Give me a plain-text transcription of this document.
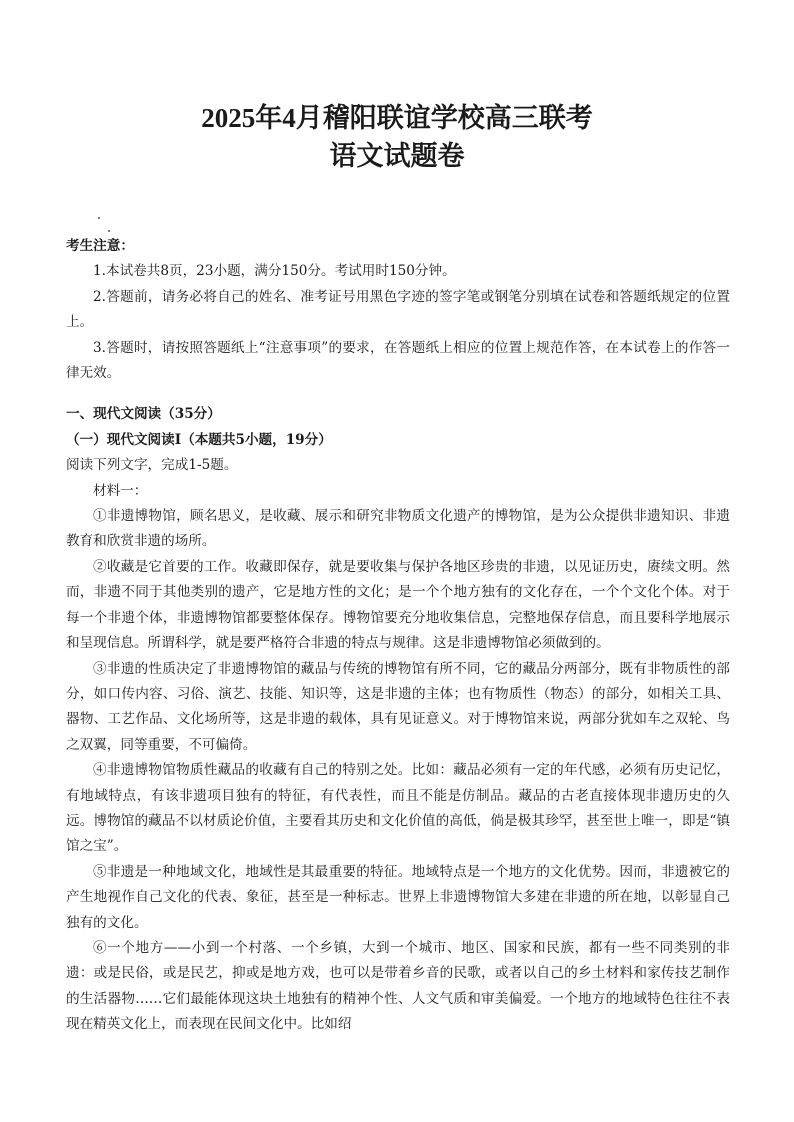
2025年4月稽阳联谊学校高三联考
语文试题卷

考生注意：

1.本试卷共8页，23小题，满分150分。考试用时150分钟。

2.答题前，请务必将自己的姓名、准考证号用黑色字迹的签字笔或钢笔分别填在试卷和答题纸规定的位置上。

3.答题时，请按照答题纸上“注意事项”的要求，在答题纸上相应的位置上规范作答，在本试卷上的作答一律无效。

一、现代文阅读（35分）

（一）现代文阅读Ⅰ（本题共5小题，19分）

阅读下列文字，完成1-5题。

材料一：

①非遗博物馆，顾名思义，是收藏、展示和研究非物质文化遗产的博物馆，是为公众提供非遗知识、非遗教育和欣赏非遗的场所。

②收藏是它首要的工作。收藏即保存，就是要收集与保护各地区珍贵的非遗，以见证历史，赓续文明。然而，非遗不同于其他类别的遗产，它是地方性的文化；是一个个地方独有的文化存在，一个个文化个体。对于每一个非遗个体，非遗博物馆都要整体保存。博物馆要充分地收集信息，完整地保存信息，而且要科学地展示和呈现信息。所谓科学，就是要严格符合非遗的特点与规律。这是非遗博物馆必须做到的。

③非遗的性质决定了非遗博物馆的藏品与传统的博物馆有所不同，它的藏品分两部分，既有非物质性的部分，如口传内容、习俗、演艺、技能、知识等，这是非遗的主体；也有物质性（物态）的部分，如相关工具、器物、工艺作品、文化场所等，这是非遗的载体，具有见证意义。对于博物馆来说，两部分犹如车之双轮、鸟之双翼，同等重要，不可偏倚。

④非遗博物馆物质性藏品的收藏有自己的特别之处。比如：藏品必须有一定的年代感，必须有历史记忆，有地域特点，有该非遗项目独有的特征，有代表性，而且不能是仿制品。藏品的古老直接体现非遗历史的久远。博物馆的藏品不以材质论价值，主要看其历史和文化价值的高低，倘是极其珍罕，甚至世上唯一，即是“镇馆之宝”。

⑤非遗是一种地域文化，地域性是其最重要的特征。地域特点是一个地方的文化优势。因而，非遗被它的产生地视作自己文化的代表、象征，甚至是一种标志。世界上非遗博物馆大多建在非遗的所在地，以彰显自己独有的文化。

⑥一个地方——小到一个村落、一个乡镇，大到一个城市、地区、国家和民族，都有一些不同类别的非遗：或是民俗，或是民艺，抑或是地方戏，也可以是带着乡音的民歌，或者以自己的乡土材料和家传技艺制作的生活器物……它们最能体现这块土地独有的精神个性、人文气质和审美偏爱。一个地方的地域特色往往不表现在精英文化上，而表现在民间文化中。比如绍
